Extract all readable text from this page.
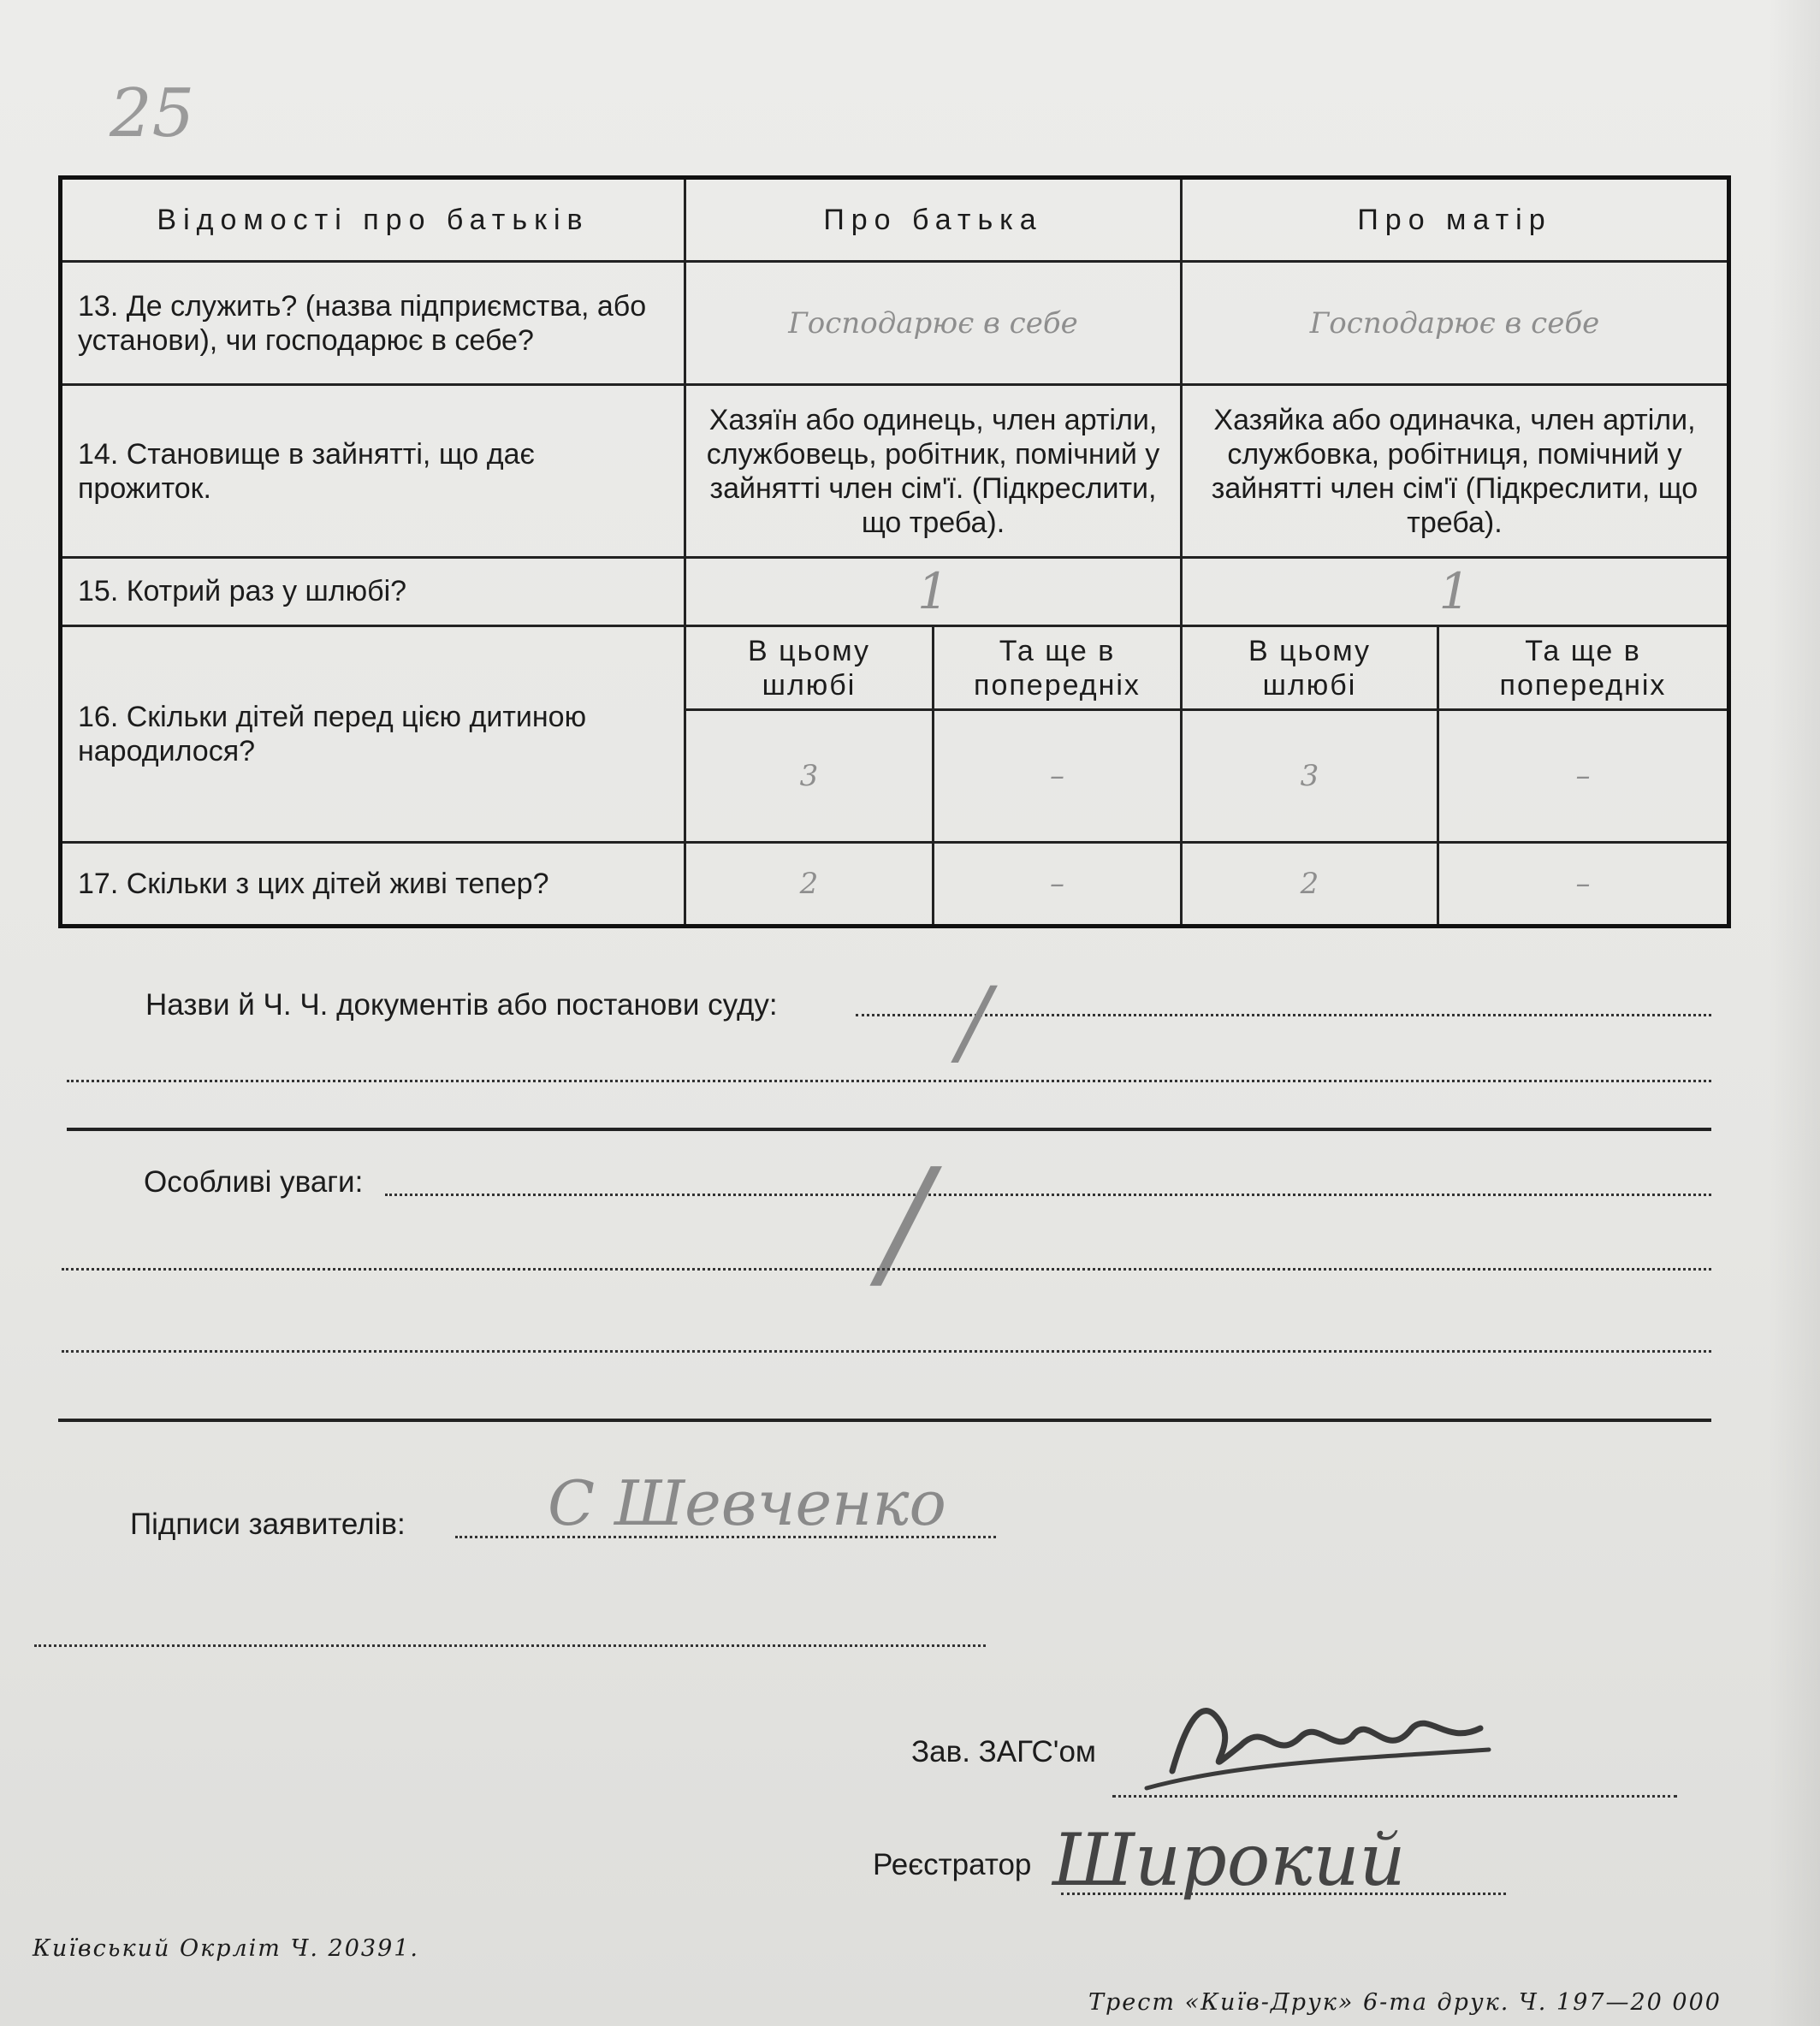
25
Відомості про батьків	Про батька		Про матір	
13. Де служить? (назва підприємства, або установи), чи господарює в себе?	Господарює в себе		Господарює в себе	
14. Становище в зайнятті, що дає прожиток.	Хазяїн або одинець, член артіли, службовець, робітник, помічний у зайнятті член сім'ї. (Підкреслити, що треба).		Хазяйка або одиначка, член артіли, службовка, робітниця, помічний у зайнятті член сім'ї (Підкреслити, що треба).	
15. Котрий раз у шлюбі?	1		1	
16. Скільки дітей перед цією дитиною народилося?	В цьому шлюбі	Та ще в попередніх	В цьому шлюбі	Та ще в попередніх
	3	–	3	–
17. Скільки з цих дітей живі тепер?	2	–	2	–
Назви й Ч. Ч. документів або постанови суду: /
Особливі уваги:	/
Підписи заявителів: С Шевченко
Зав. ЗАГС'ом
Реєстратор Широкий
Київський Окрліт Ч. 20391.
Трест «Київ-Друк» 6-та друк. Ч. 197—20 000
